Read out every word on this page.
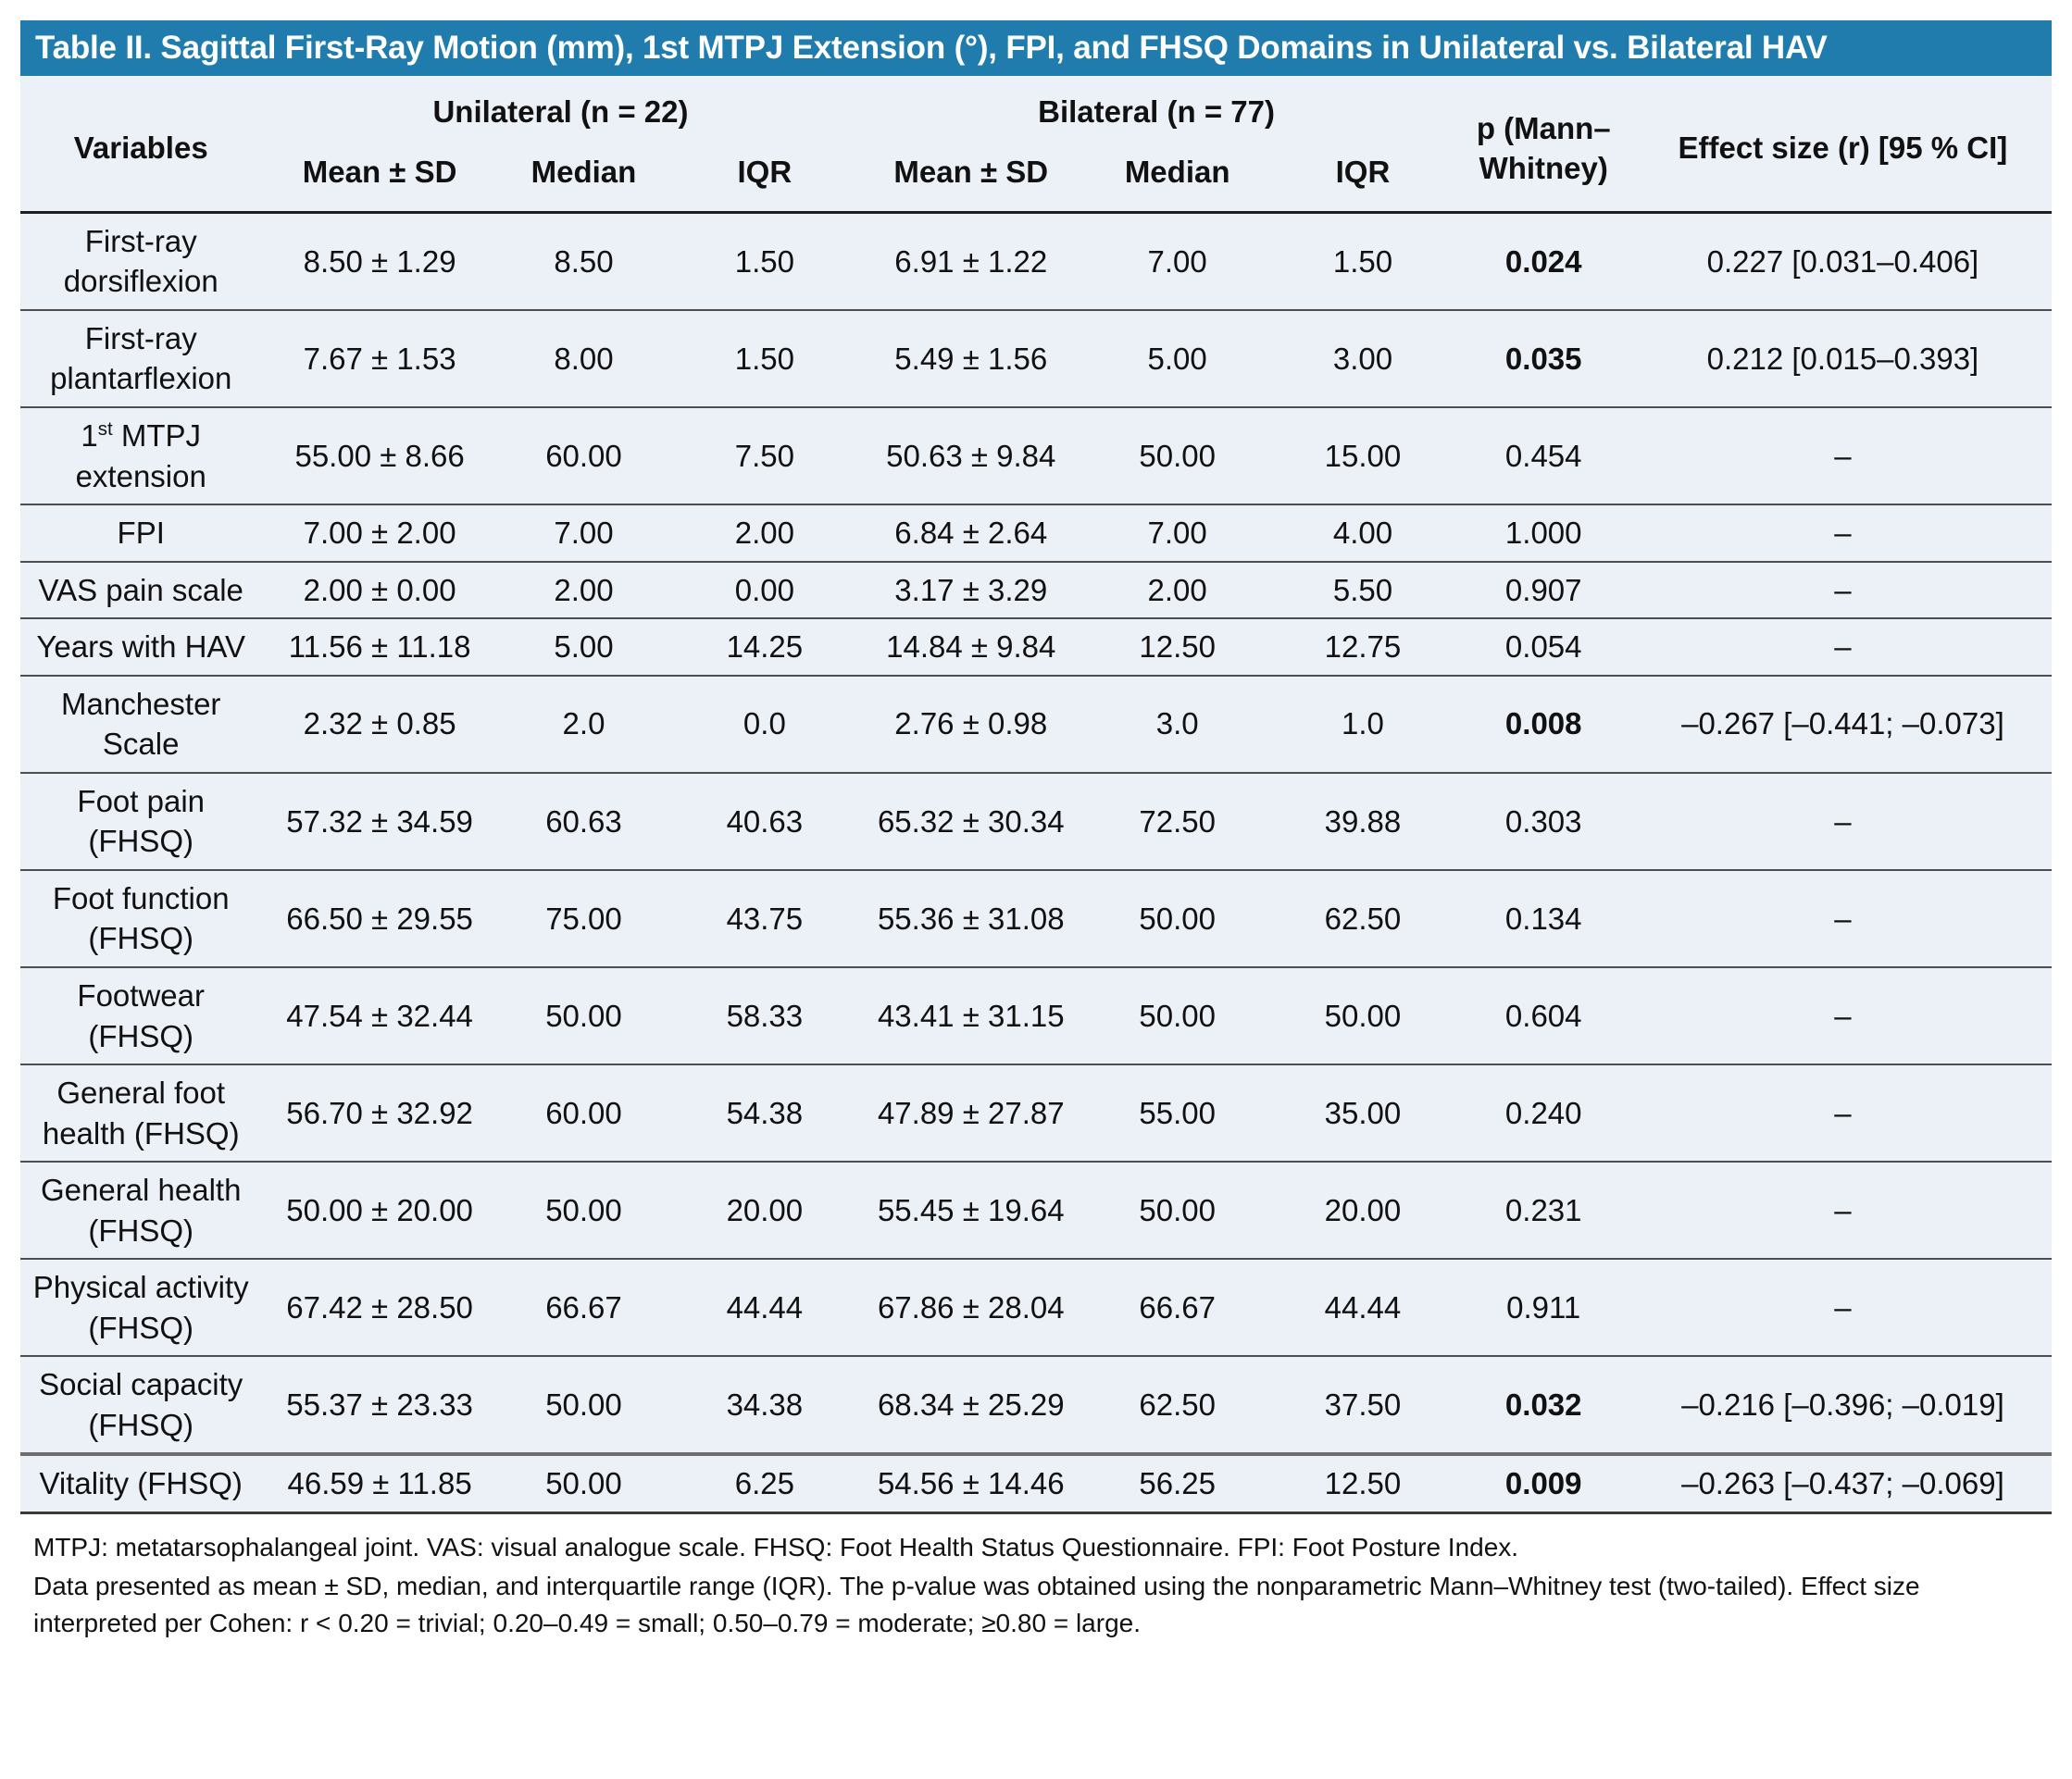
Table II. Sagittal First-Ray Motion (mm), 1st MTPJ Extension (°), FPI, and FHSQ Domains in Unilateral vs. Bilateral HAV
Variables	Unilateral (n = 22)			Bilateral (n = 77)			p (Mann–Whitney)	Effect size (r) [95 % CI]
	Mean ± SD	Median	IQR	Mean ± SD	Median	IQR		
First-ray dorsiflexion	8.50 ± 1.29	8.50	1.50	6.91 ± 1.22	7.00	1.50	0.024	0.227 [0.031–0.406]
First-ray plantarflexion	7.67 ± 1.53	8.00	1.50	5.49 ± 1.56	5.00	3.00	0.035	0.212 [0.015–0.393]
1st MTPJ extension	55.00 ± 8.66	60.00	7.50	50.63 ± 9.84	50.00	15.00	0.454	–
FPI	7.00 ± 2.00	7.00	2.00	6.84 ± 2.64	7.00	4.00	1.000	–
VAS pain scale	2.00 ± 0.00	2.00	0.00	3.17 ± 3.29	2.00	5.50	0.907	–
Years with HAV	11.56 ± 11.18	5.00	14.25	14.84 ± 9.84	12.50	12.75	0.054	–
Manchester Scale	2.32 ± 0.85	2.0	0.0	2.76 ± 0.98	3.0	1.0	0.008	–0.267 [–0.441; –0.073]
Foot pain (FHSQ)	57.32 ± 34.59	60.63	40.63	65.32 ± 30.34	72.50	39.88	0.303	–
Foot function (FHSQ)	66.50 ± 29.55	75.00	43.75	55.36 ± 31.08	50.00	62.50	0.134	–
Footwear (FHSQ)	47.54 ± 32.44	50.00	58.33	43.41 ± 31.15	50.00	50.00	0.604	–
General foot health (FHSQ)	56.70 ± 32.92	60.00	54.38	47.89 ± 27.87	55.00	35.00	0.240	–
General health (FHSQ)	50.00 ± 20.00	50.00	20.00	55.45 ± 19.64	50.00	20.00	0.231	–
Physical activity (FHSQ)	67.42 ± 28.50	66.67	44.44	67.86 ± 28.04	66.67	44.44	0.911	–
Social capacity (FHSQ)	55.37 ± 23.33	50.00	34.38	68.34 ± 25.29	62.50	37.50	0.032	–0.216 [–0.396; –0.019]
Vitality (FHSQ)	46.59 ± 11.85	50.00	6.25	54.56 ± 14.46	56.25	12.50	0.009	–0.263 [–0.437; –0.069]

MTPJ: metatarsophalangeal joint. VAS: visual analogue scale. FHSQ: Foot Health Status Questionnaire. FPI: Foot Posture Index.

Data presented as mean ± SD, median, and interquartile range (IQR). The p-value was obtained using the nonparametric Mann–Whitney test (two-tailed). Effect size interpreted per Cohen: r < 0.20 = trivial; 0.20–0.49 = small; 0.50–0.79 = moderate; ≥0.80 = large.
